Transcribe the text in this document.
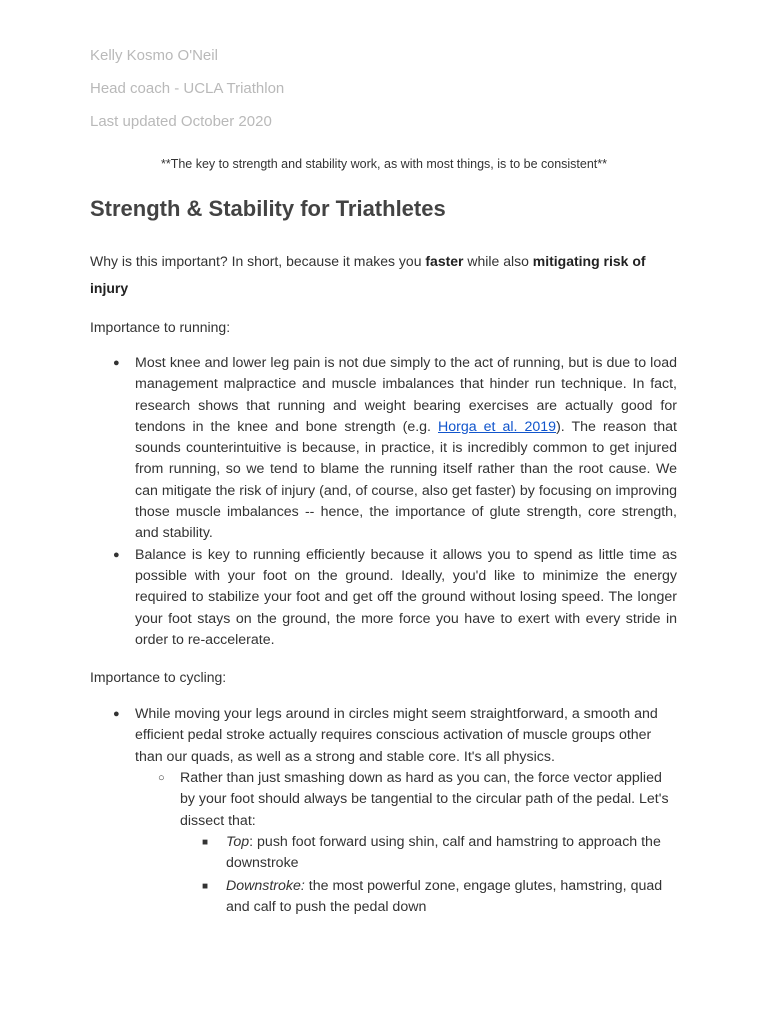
Kelly Kosmo O'Neil
Head coach - UCLA Triathlon
Last updated October 2020
**The key to strength and stability work, as with most things, is to be consistent**
Strength & Stability for Triathletes
Why is this important? In short, because it makes you faster while also mitigating risk of injury
Importance to running:
● Most knee and lower leg pain is not due simply to the act of running, but is due to load management malpractice and muscle imbalances that hinder run technique. In fact, research shows that running and weight bearing exercises are actually good for tendons in the knee and bone strength (e.g. Horga et al. 2019). The reason that sounds counterintuitive is because, in practice, it is incredibly common to get injured from running, so we tend to blame the running itself rather than the root cause. We can mitigate the risk of injury (and, of course, also get faster) by focusing on improving those muscle imbalances -- hence, the importance of glute strength, core strength, and stability.
● Balance is key to running efficiently because it allows you to spend as little time as possible with your foot on the ground. Ideally, you'd like to minimize the energy required to stabilize your foot and get off the ground without losing speed. The longer your foot stays on the ground, the more force you have to exert with every stride in order to re-accelerate.
Importance to cycling:
● While moving your legs around in circles might seem straightforward, a smooth and efficient pedal stroke actually requires conscious activation of muscle groups other than our quads, as well as a strong and stable core. It's all physics.
○ Rather than just smashing down as hard as you can, the force vector applied by your foot should always be tangential to the circular path of the pedal. Let's dissect that:
■ Top: push foot forward using shin, calf and hamstring to approach the downstroke
■ Downstroke: the most powerful zone, engage glutes, hamstring, quad and calf to push the pedal down
